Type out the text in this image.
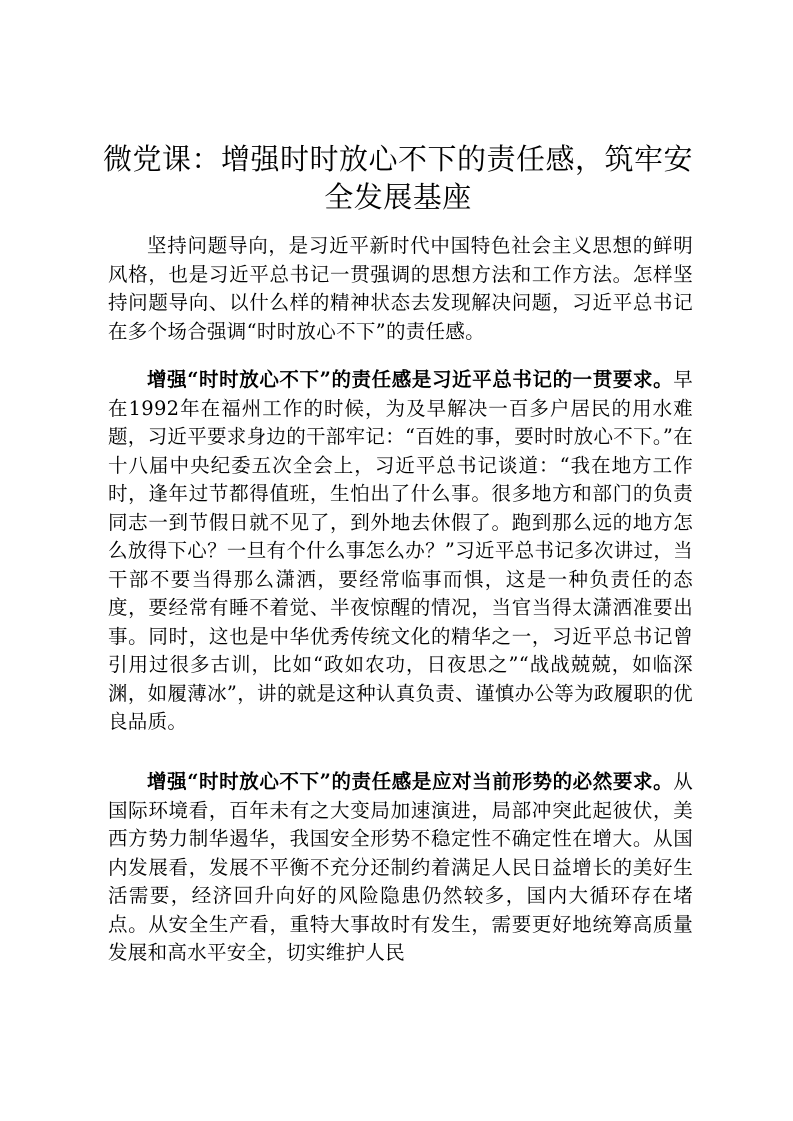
微党课：增强时时放心不下的责任感，筑牢安全发展基座

坚持问题导向，是习近平新时代中国特色社会主义思想的鲜明风格，也是习近平总书记一贯强调的思想方法和工作方法。怎样坚持问题导向、以什么样的精神状态去发现解决问题，习近平总书记在多个场合强调“时时放心不下”的责任感。

增强“时时放心不下”的责任感是习近平总书记的一贯要求。早在1992年在福州工作的时候，为及早解决一百多户居民的用水难题，习近平要求身边的干部牢记：“百姓的事，要时时放心不下。”在十八届中央纪委五次全会上，习近平总书记谈道：“我在地方工作时，逢年过节都得值班，生怕出了什么事。很多地方和部门的负责同志一到节假日就不见了，到外地去休假了。跑到那么远的地方怎么放得下心？一旦有个什么事怎么办？”习近平总书记多次讲过，当干部不要当得那么潇洒，要经常临事而惧，这是一种负责任的态度，要经常有睡不着觉、半夜惊醒的情况，当官当得太潇洒准要出事。同时，这也是中华优秀传统文化的精华之一，习近平总书记曾引用过很多古训，比如“政如农功，日夜思之”“战战兢兢，如临深渊，如履薄冰”，讲的就是这种认真负责、谨慎办公等为政履职的优良品质。

增强“时时放心不下”的责任感是应对当前形势的必然要求。从国际环境看，百年未有之大变局加速演进，局部冲突此起彼伏，美西方势力制华遏华，我国安全形势不稳定性不确定性在增大。从国内发展看，发展不平衡不充分还制约着满足人民日益增长的美好生活需要，经济回升向好的风险隐患仍然较多，国内大循环存在堵点。从安全生产看，重特大事故时有发生，需要更好地统筹高质量发展和高水平安全，切实维护人民
